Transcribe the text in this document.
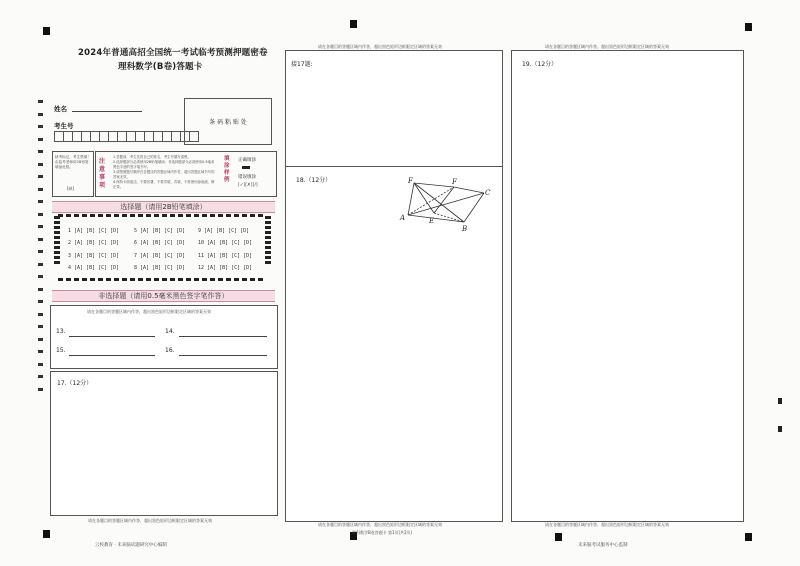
2024年普通高招全国统一考试临考预测押题密卷
理科数学(B卷)答题卡
姓名
考生号	条 码 粘 贴 处
缺考标记，考生禁填！由监考老师用2B铅笔填涂此框。
[缺]
注意事项
1.答题前，考生先将自己的姓名、考生号填写清楚。
2.选择题部分必须使用2B铅笔填涂；非选择题部分必须使用0.5毫米黑色字迹的签字笔书写。
3.请按照题号顺序在各题目的答题区域内作答，超出答题区域书写的答案无效。
4.保持卡面清洁，不要折叠、不要弄破、弄皱，不准使用涂改液、修正带。
填涂样例
正确填涂
错误填涂
[✓][✗][/]
选择题（请用2B铅笔填涂）
1 [A] [B] [C] [D]	5 [A] [B] [C] [D]	9 [A] [B] [C] [D]
2 [A] [B] [C] [D]	6 [A] [B] [C] [D]	10 [A] [B] [C] [D]
3 [A] [B] [C] [D]	7 [A] [B] [C] [D]	11 [A] [B] [C] [D]
4 [A] [B] [C] [D]	8 [A] [B] [C] [D]	12 [A] [B] [C] [D]
非选择题（请用0.5毫米黑色签字笔作答）
请在各题目的答题区域内作答，超出黑色矩形边框限定区域的答案无效
13.	14.
15.	16.
17.（12分）
请在各题目的答题区域内作答，超出黑色矩形边框限定区域的答案无效
请在各题目的答题区域内作答，超出黑色矩形边框限定区域的答案无效
接17题:
18.（12分）	F	F
A	E
B
C
请在各题目的答题区域内作答，超出黑色矩形边框限定区域的答案无效
请在各题目的答题区域内作答，超出黑色矩形边框限定区域的答案无效
19.（12分）
请在各题目的答题区域内作答，超出黑色矩形边框限定区域的答案无效
云校教育 · 未来脑试题研究中心编制
理科数学B卷答题卡 第1页(共2页)
未来脑考试服务中心监制
